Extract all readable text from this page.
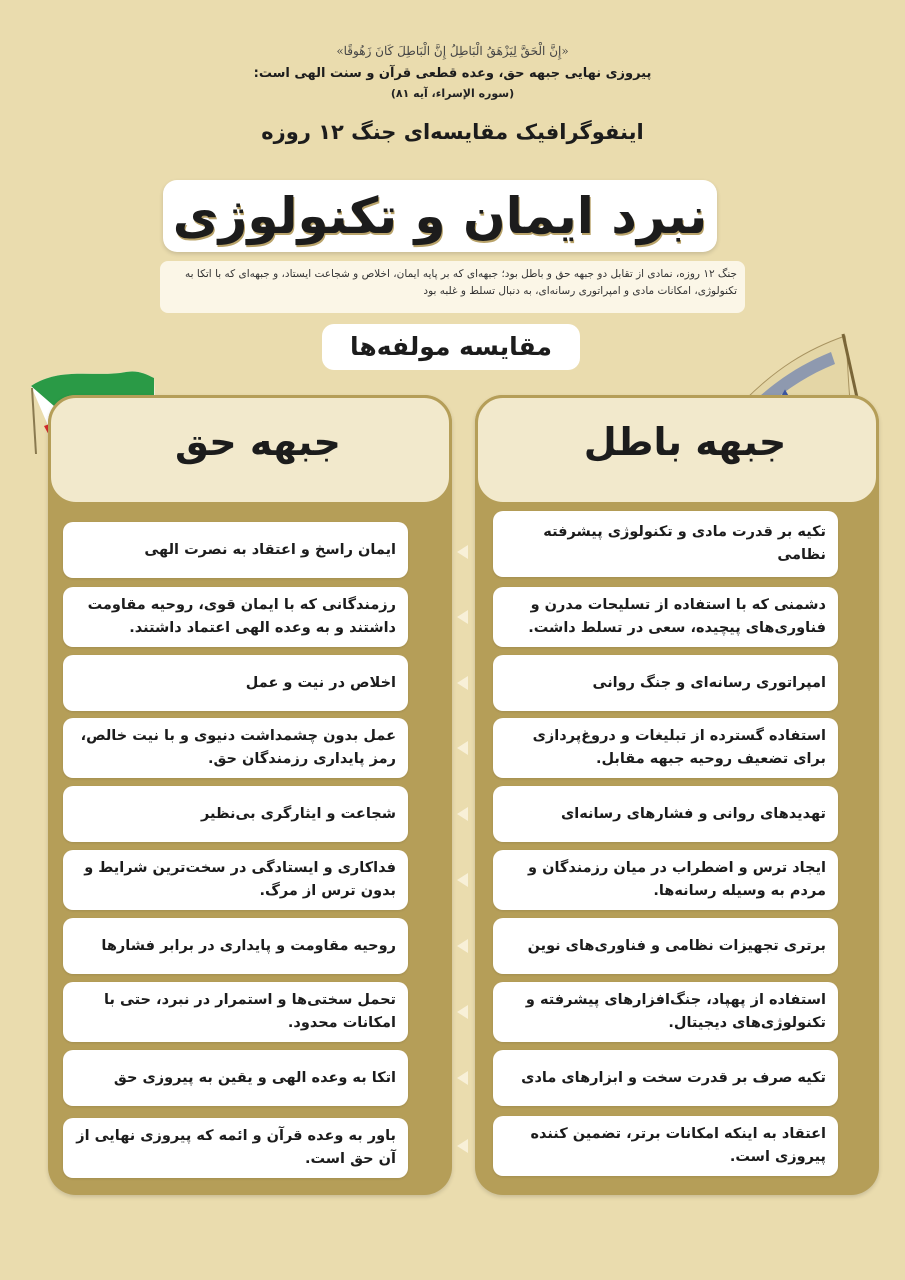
«إِنَّ الْحَقَّ لِيَزْهَقُ الْبَاطِلُ إِنَّ الْبَاطِلَ كَانَ زَهُوقًا»
پیروزی نهایی جبهه حق، وعده قطعی قرآن و سنت الهی است:
(سوره الإسراء، آیه ۸۱)
اینفوگرافیک مقایسه‌ای جنگ ۱۲ روزه
نبرد ایمان و تکنولوژی
جنگ ۱۲ روزه، نمادی از تقابل دو جبهه حق و باطل بود؛ جبهه‌ای که بر پایه ایمان، اخلاص و شجاعت ایستاد، و جبهه‌ای که با اتکا به تکنولوژی، امکانات مادی و امپراتوری رسانه‌ای، به دنبال تسلط و غلبه بود
مقایسه مولفه‌ها
جبهه باطل
جبهه حق
تکیه بر قدرت مادی و تکنولوژی پیشرفته نظامی
دشمنی که با استفاده از تسلیحات مدرن و فناوری‌های پیچیده، سعی در تسلط داشت.
امپراتوری رسانه‌ای و جنگ روانی
استفاده گسترده از تبلیغات و دروغ‌پردازی برای تضعیف روحیه جبهه مقابل.
تهدیدهای روانی و فشارهای رسانه‌ای
ایجاد ترس و اضطراب در میان رزمندگان و مردم به وسیله رسانه‌ها.
برتری تجهیزات نظامی و فناوری‌های نوین
استفاده از پهپاد، جنگ‌افزارهای پیشرفته و تکنولوژی‌های دیجیتال.
تکیه صرف بر قدرت سخت و ابزارهای مادی
اعتقاد به اینکه امکانات برتر، تضمین کننده پیروزی است.
ایمان راسخ و اعتقاد به نصرت الهی
رزمندگانی که با ایمان قوی، روحیه مقاومت داشتند و به وعده الهی اعتماد داشتند.
اخلاص در نیت و عمل
عمل بدون چشمداشت دنیوی و با نیت خالص، رمز پایداری رزمندگان حق.
شجاعت و ایثارگری بی‌نظیر
فداکاری و ایستادگی در سخت‌ترین شرایط و بدون ترس از مرگ.
روحیه مقاومت و پایداری در برابر فشارها
تحمل سختی‌ها و استمرار در نبرد، حتی با امکانات محدود.
اتکا به وعده الهی و یقین به پیروزی حق
باور به وعده قرآن و ائمه که پیروزی نهایی از آن حق است.
